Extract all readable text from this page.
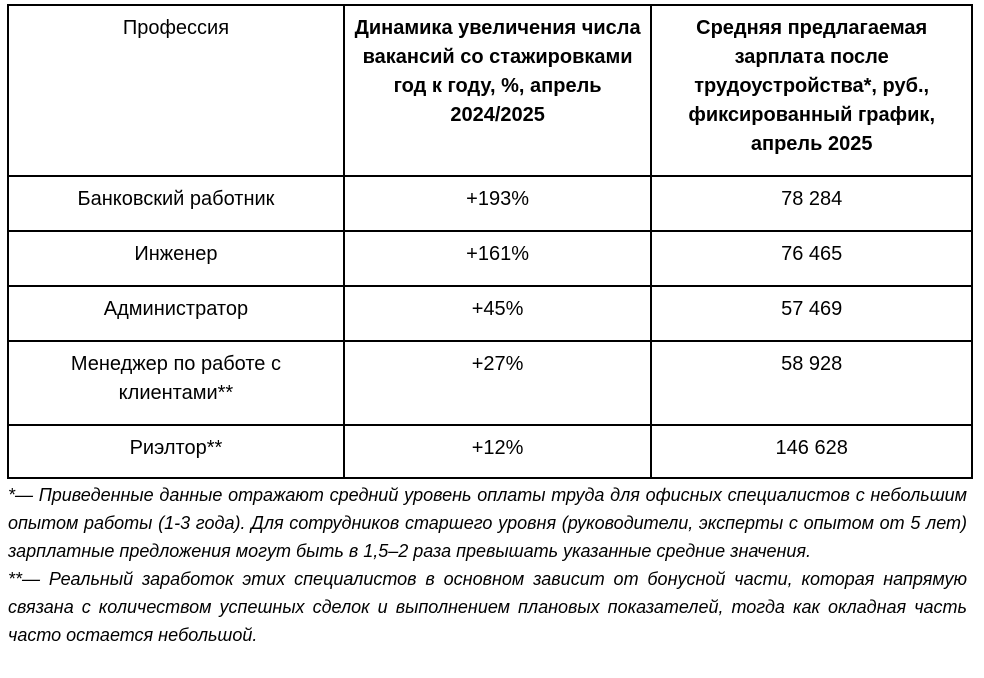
Профессия	Динамика увеличения числа вакансий со стажировками год к году, %, апрель 2024/2025	Средняя предлагаемая зарплата после трудоустройства*, руб., фиксированный график, апрель 2025
Банковский работник	+193%	78 284
Инженер	+161%	76 465
Администратор	+45%	57 469
Менеджер по работе с клиентами**	+27%	58 928
Риэлтор**	+12%	146 628

*— Приведенные данные отражают средний уровень оплаты труда для офисных специалистов с небольшим опытом работы (1-3 года). Для сотрудников старшего уровня (руководители, эксперты с опытом от 5 лет) зарплатные предложения могут быть в 1,5–2 раза превышать указанные средние значения.

**— Реальный заработок этих специалистов в основном зависит от бонусной части, которая напрямую связана с количеством успешных сделок и выполнением плановых показателей, тогда как окладная часть часто остается небольшой.
